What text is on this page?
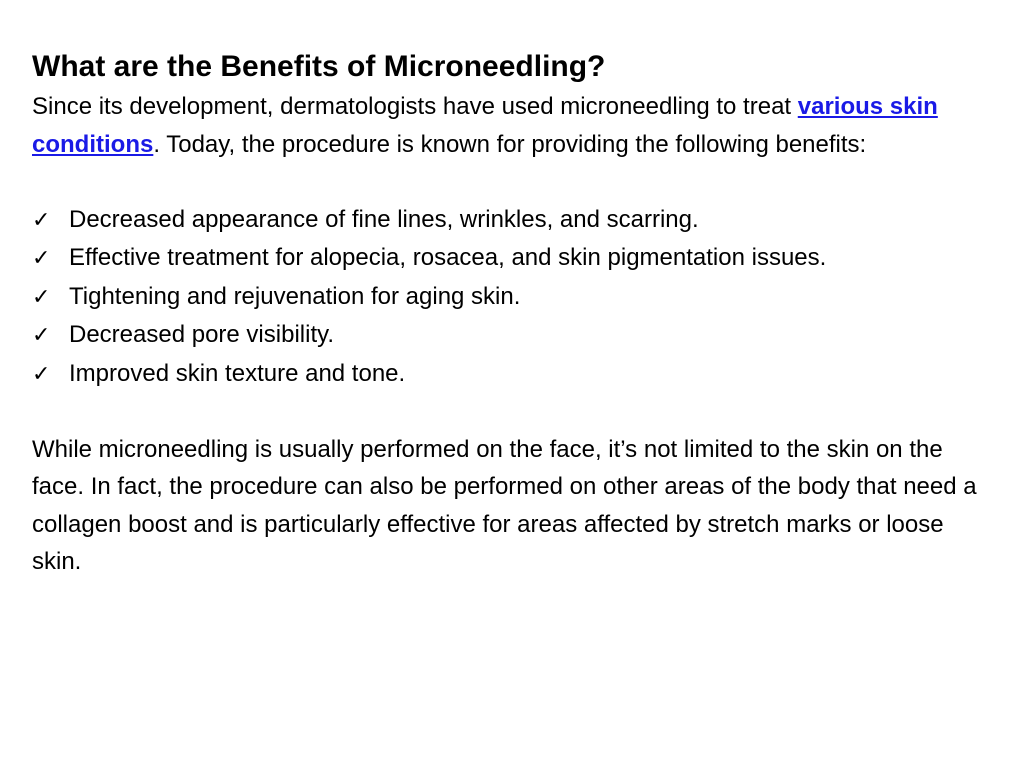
What are the Benefits of Microneedling?

Since its development, dermatologists have used microneedling to treat various skin conditions. Today, the procedure is known for providing the following benefits:

✓ Decreased appearance of fine lines, wrinkles, and scarring.
✓ Effective treatment for alopecia, rosacea, and skin pigmentation issues.
✓ Tightening and rejuvenation for aging skin.
✓ Decreased pore visibility.
✓ Improved skin texture and tone.

While microneedling is usually performed on the face, it’s not limited to the skin on the face. In fact, the procedure can also be performed on other areas of the body that need a collagen boost and is particularly effective for areas affected by stretch marks or loose skin.
